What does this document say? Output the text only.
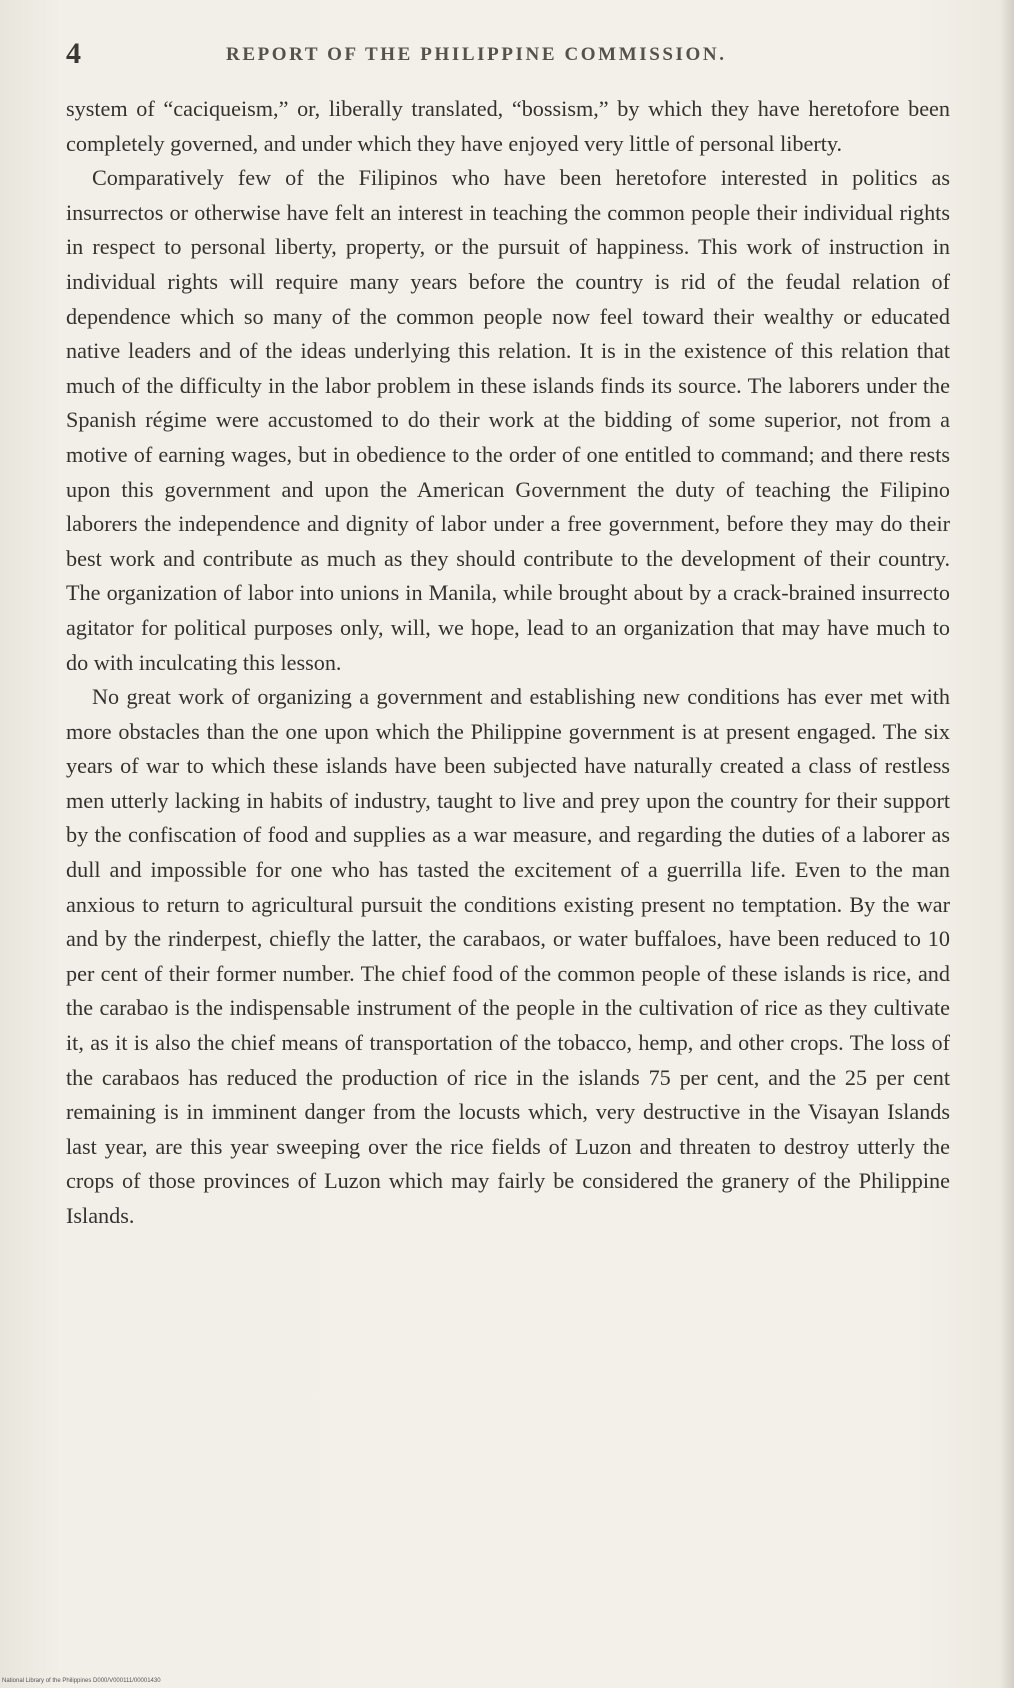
4	REPORT OF THE PHILIPPINE COMMISSION.

system of “caciqueism,” or, liberally translated, “bossism,” by which they have heretofore been completely governed, and under which they have enjoyed very little of personal liberty.

Comparatively few of the Filipinos who have been heretofore interested in politics as insurrectos or otherwise have felt an interest in teaching the common people their individual rights in respect to personal liberty, property, or the pursuit of happiness. This work of instruction in individual rights will require many years before the country is rid of the feudal relation of dependence which so many of the common people now feel toward their wealthy or educated native leaders and of the ideas underlying this relation. It is in the existence of this relation that much of the difficulty in the labor problem in these islands finds its source. The laborers under the Spanish régime were accustomed to do their work at the bidding of some superior, not from a motive of earning wages, but in obedience to the order of one entitled to command; and there rests upon this government and upon the American Government the duty of teaching the Filipino laborers the independence and dignity of labor under a free government, before they may do their best work and contribute as much as they should contribute to the development of their country. The organization of labor into unions in Manila, while brought about by a crack-brained insurrecto agitator for political purposes only, will, we hope, lead to an organization that may have much to do with inculcating this lesson.

No great work of organizing a government and establishing new conditions has ever met with more obstacles than the one upon which the Philippine government is at present engaged. The six years of war to which these islands have been subjected have naturally created a class of restless men utterly lacking in habits of industry, taught to live and prey upon the country for their support by the confiscation of food and supplies as a war measure, and regarding the duties of a laborer as dull and impossible for one who has tasted the excitement of a guerrilla life. Even to the man anxious to return to agricultural pursuit the conditions existing present no temptation. By the war and by the rinderpest, chiefly the latter, the carabaos, or water buffaloes, have been reduced to 10 per cent of their former number. The chief food of the common people of these islands is rice, and the carabao is the indispensable instrument of the people in the cultivation of rice as they cultivate it, as it is also the chief means of transportation of the tobacco, hemp, and other crops. The loss of the carabaos has reduced the production of rice in the islands 75 per cent, and the 25 per cent remaining is in imminent danger from the locusts which, very destructive in the Visayan Islands last year, are this year sweeping over the rice fields of Luzon and threaten to destroy utterly the crops of those provinces of Luzon which may fairly be considered the granery of the Philippine Islands.

National Library of the Philippines D000/V000111/00001430
